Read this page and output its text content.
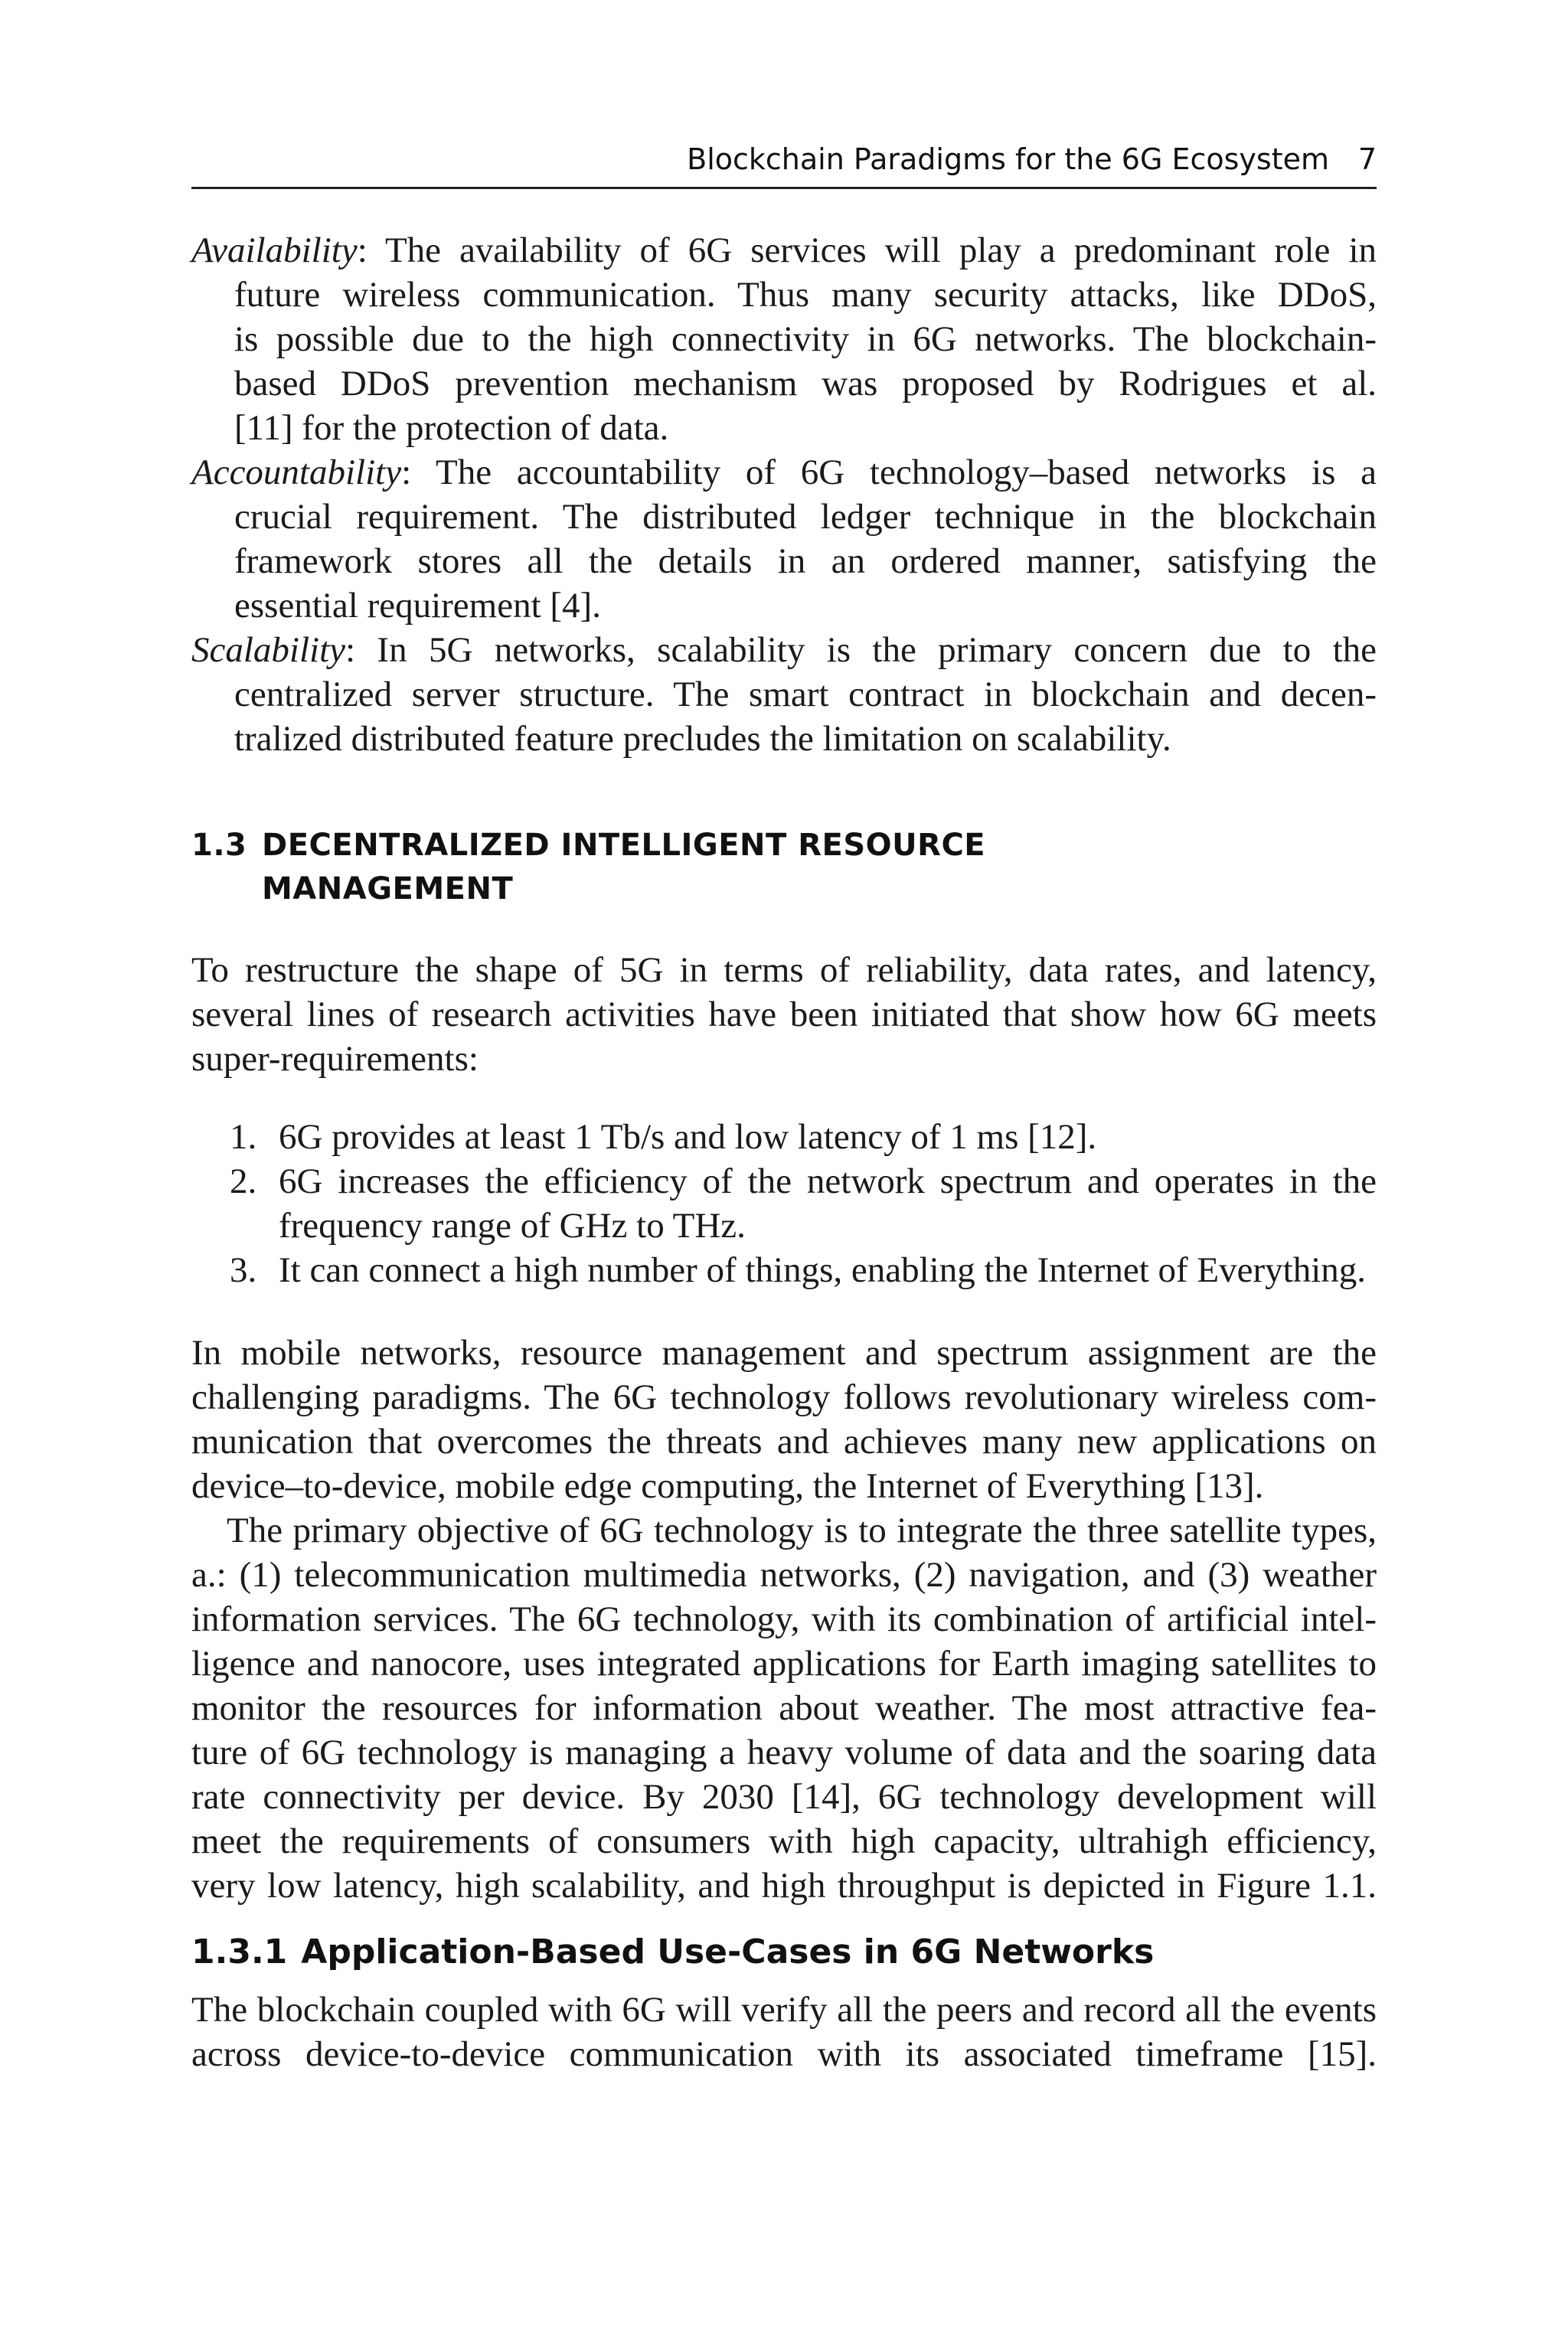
Blockchain Paradigms for the 6G Ecosystem 7
Availability: The availability of 6G services will play a predominant role in
future wireless communication. Thus many security attacks, like DDoS,
is possible due to the high connectivity in 6G networks. The blockchain-
based DDoS prevention mechanism was proposed by Rodrigues et al.
[11] for the protection of data.
Accountability: The accountability of 6G technology–based networks is a
crucial requirement. The distributed ledger technique in the blockchain
framework stores all the details in an ordered manner, satisfying the
essential requirement [4].
Scalability: In 5G networks, scalability is the primary concern due to the
centralized server structure. The smart contract in blockchain and decen-
tralized distributed feature precludes the limitation on scalability.
1.3 DECENTRALIZED INTELLIGENT RESOURCE
MANAGEMENT
To restructure the shape of 5G in terms of reliability, data rates, and latency,
several lines of research activities have been initiated that show how 6G meets
super-requirements:
1. 6G provides at least 1 Tb/s and low latency of 1 ms [12].
2. 6G increases the efficiency of the network spectrum and operates in the
frequency range of GHz to THz.
3. It can connect a high number of things, enabling the Internet of Everything.
In mobile networks, resource management and spectrum assignment are the
challenging paradigms. The 6G technology follows revolutionary wireless com-
munication that overcomes the threats and achieves many new applications on
device–to-device, mobile edge computing, the Internet of Everything [13].
The primary objective of 6G technology is to integrate the three satellite types,
a.: (1) telecommunication multimedia networks, (2) navigation, and (3) weather
information services. The 6G technology, with its combination of artificial intel-
ligence and nanocore, uses integrated applications for Earth imaging satellites to
monitor the resources for information about weather. The most attractive fea-
ture of 6G technology is managing a heavy volume of data and the soaring data
rate connectivity per device. By 2030 [14], 6G technology development will
meet the requirements of consumers with high capacity, ultrahigh efficiency,
very low latency, high scalability, and high throughput is depicted in Figure 1.1.
1.3.1 Application-Based Use-Cases in 6G Networks
The blockchain coupled with 6G will verify all the peers and record all the events
across device-to-device communication with its associated timeframe [15].
